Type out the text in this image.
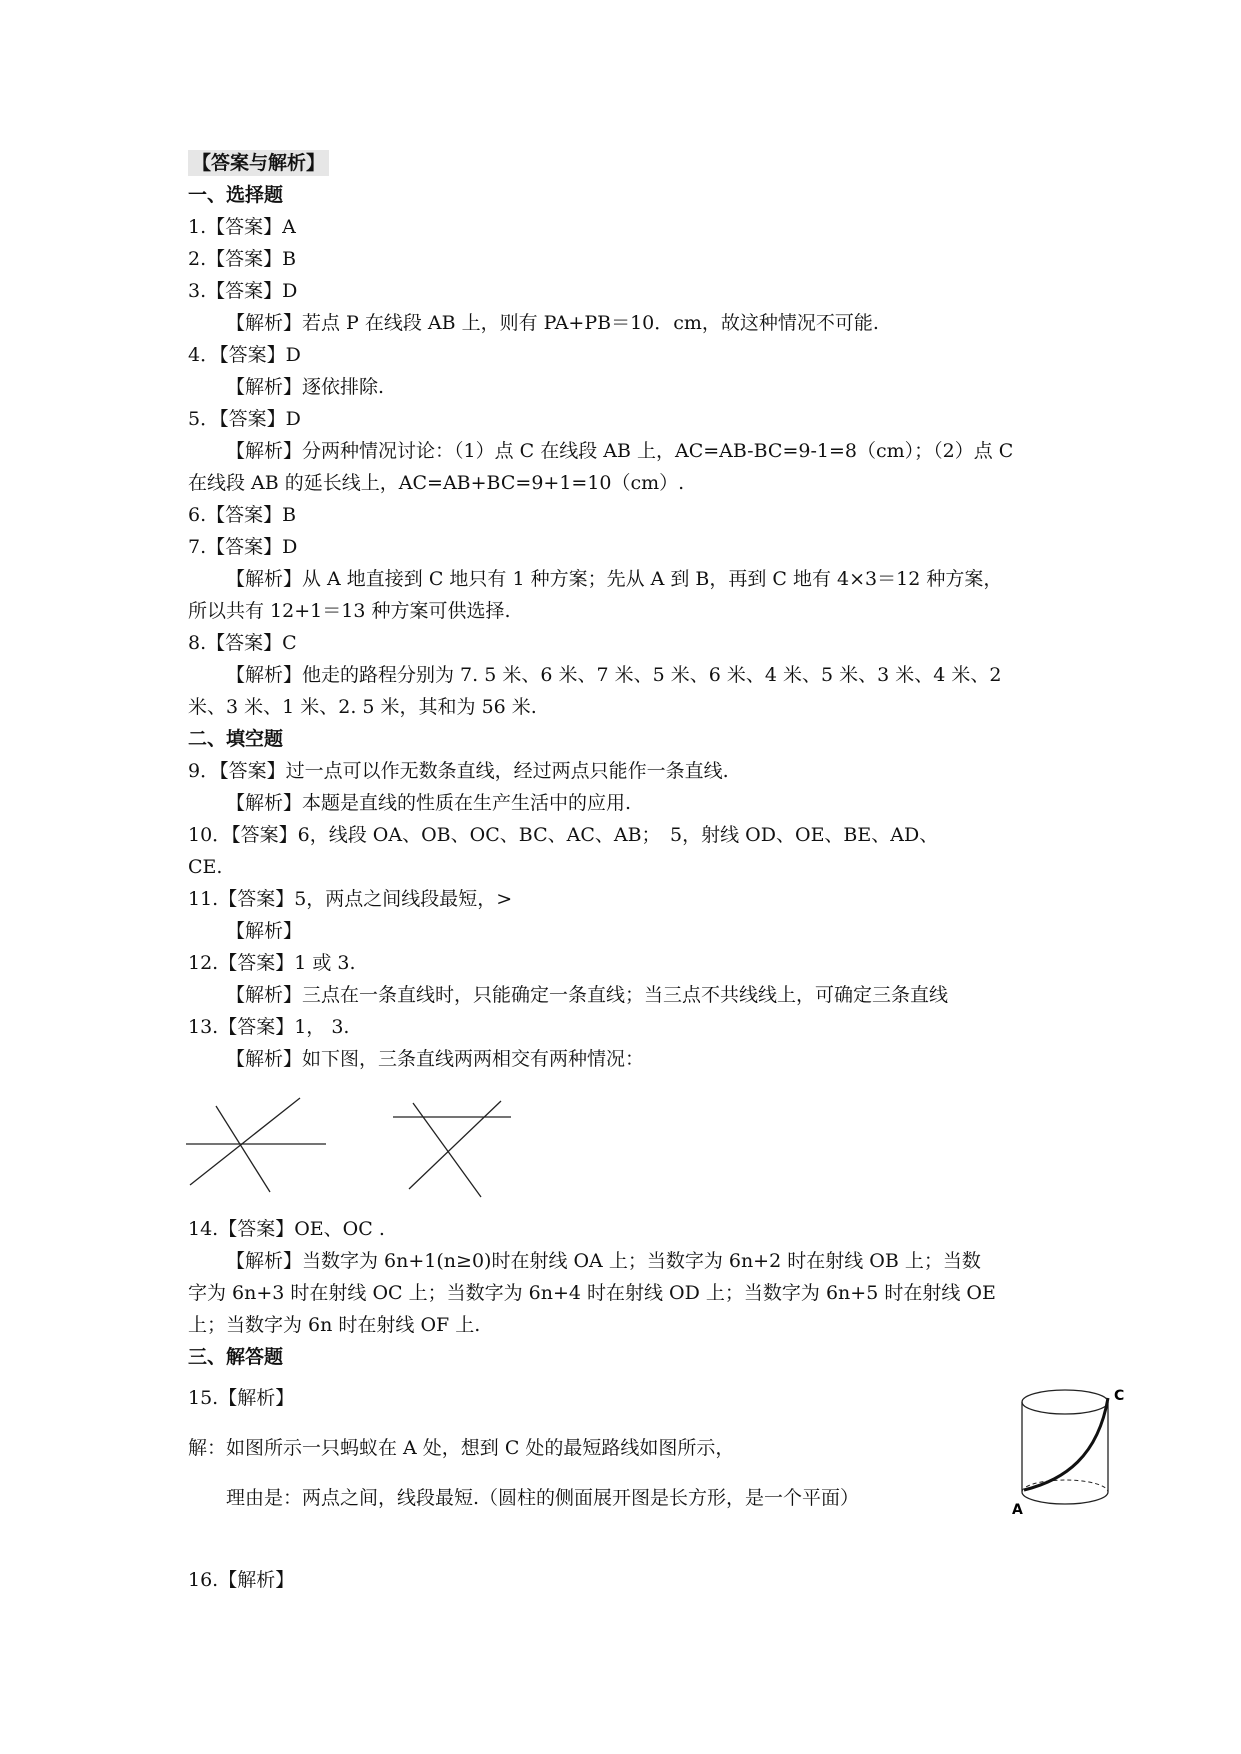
【答案与解析】
一、选择题
1.【答案】A
2.【答案】B
3.【答案】D
【解析】若点 P 在线段 AB 上，则有 PA+PB＝10．cm，故这种情况不可能.
4．【答案】D
【解析】逐依排除.
5．【答案】D
【解析】分两种情况讨论：（1）点 C 在线段 AB 上，AC=AB-BC=9-1=8（cm）；（2）点 C
在线段 AB 的延长线上，AC=AB+BC=9+1=10（cm）.
6.【答案】B
7.【答案】D
【解析】从 A 地直接到 C 地只有 1 种方案；先从 A 到 B，再到 C 地有 4×3＝12 种方案，
所以共有 12+1＝13 种方案可供选择.
8.【答案】C
【解析】他走的路程分别为 7. 5 米、6 米、7 米、5 米、6 米、4 米、5 米、3 米、4 米、2
米、3 米、1 米、2. 5 米，其和为 56 米.
二、填空题
9．【答案】过一点可以作无数条直线，经过两点只能作一条直线.
【解析】本题是直线的性质在生产生活中的应用.
10．【答案】6，线段 OA、OB、OC、BC、AC、AB；　5，射线 OD、OE、BE、AD、
CE.
11.【答案】5，两点之间线段最短，>
【解析】
12.【答案】1 或 3.
【解析】三点在一条直线时，只能确定一条直线；当三点不共线线上，可确定三条直线
13.【答案】1， 3.
【解析】如下图，三条直线两两相交有两种情况：
14.【答案】OE、OC .
【解析】当数字为 6n+1(n≥0)时在射线 OA 上；当数字为 6n+2 时在射线 OB 上；当数
字为 6n+3 时在射线 OC 上；当数字为 6n+4 时在射线 OD 上；当数字为 6n+5 时在射线 OE
上；当数字为 6n 时在射线 OF 上.
三、解答题
15.【解析】
解：如图所示一只蚂蚁在 A 处，想到 C 处的最短路线如图所示，
理由是：两点之间，线段最短.（圆柱的侧面展开图是长方形，是一个平面）
C
A
16.【解析】
